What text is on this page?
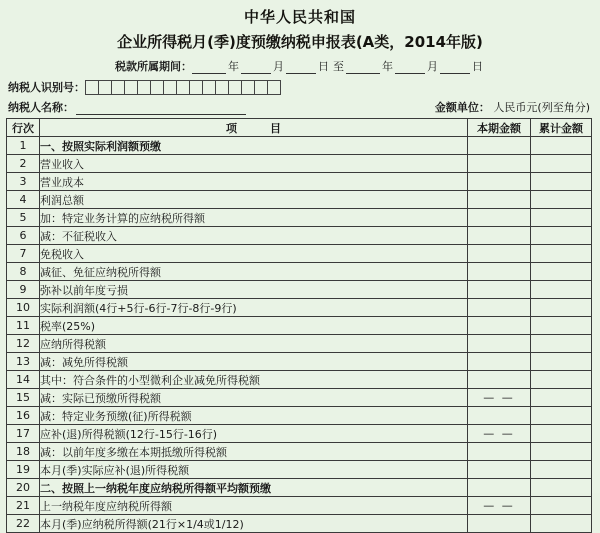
中华人民共和国
企业所得税月(季)度预缴纳税申报表(A类，2014年版)
税款所属期间：	年	月	日 至	年	月	日
纳税人识别号：
纳税人名称：	金额单位： 人民币元(列至角分)
行次	项　　　目	本期金额	累计金额
1	一、按照实际利润额预缴		
2	营业收入		
3	营业成本		
4	利润总额		
5	加：特定业务计算的应纳税所得额		
6	减：不征税收入		
7	免税收入		
8	减征、免征应纳税所得额		
9	弥补以前年度亏损		
10	实际利润额(4行+5行-6行-7行-8行-9行)		
11	税率(25%)		
12	应纳所得税额		
13	减：减免所得税额		
14	其中：符合条件的小型微利企业减免所得税额		
15	减：实际已预缴所得税额	— —	
16	减：特定业务预缴(征)所得税额		
17	应补(退)所得税额(12行-15行-16行)	— —	
18	减：以前年度多缴在本期抵缴所得税额		
19	本月(季)实际应补(退)所得税额		
20	二、按照上一纳税年度应纳税所得额平均额预缴		
21	上一纳税年度应纳税所得额	— —	
22	本月(季)应纳税所得额(21行×1/4或1/12)		
